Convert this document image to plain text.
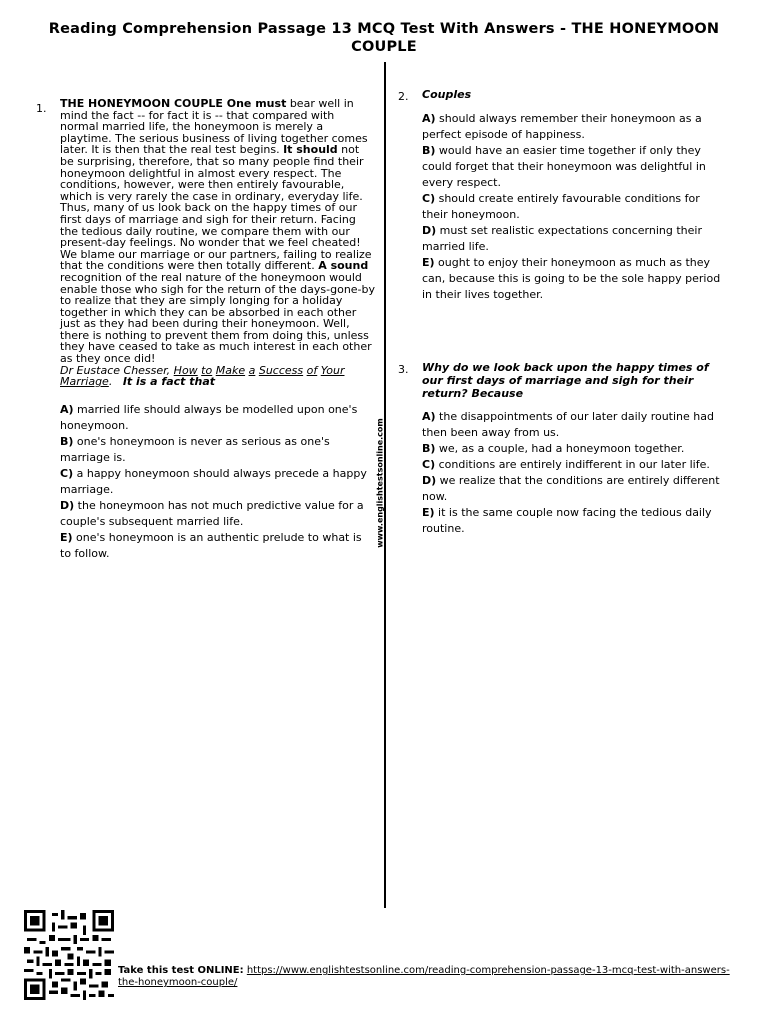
Reading Comprehension Passage 13 MCQ Test With Answers - THE HONEYMOON COUPLE
www.englishtestsonline.com
1. THE HONEYMOON COUPLE One must bear well in mind the fact -- for fact it is -- that compared with normal married life, the honeymoon is merely a playtime. The serious business of living together comes later. It is then that the real test begins. It should not be surprising, therefore, that so many people find their honeymoon delightful in almost every respect. The conditions, however, were then entirely favourable, which is very rarely the case in ordinary, everyday life. Thus, many of us look back on the happy times of our first days of marriage and sigh for their return. Facing the tedious daily routine, we compare them with our present-day feelings. No wonder that we feel cheated! We blame our marriage or our partners, failing to realize that the conditions were then totally different. A sound recognition of the real nature of the honeymoon would enable those who sigh for the return of the days-gone-by to realize that they are simply longing for a holiday together in which they can be absorbed in each other just as they had been during their honeymoon. Well, there is nothing to prevent them from doing this, unless they have ceased to take as much interest in each other as they once did!
Dr Eustace Chesser, How to Make a Success of Your Marriage.   It is a fact that

A) married life should always be modelled upon one's honeymoon.

B) one's honeymoon is never as serious as one's marriage is.

C) a happy honeymoon should always precede a happy marriage.

D) the honeymoon has not much predictive value for a couple's subsequent married life.

E) one's honeymoon is an authentic prelude to what is to follow.

2. Couples

A) should always remember their honeymoon as a perfect episode of happiness.

B) would have an easier time together if only they could forget that their honeymoon was delightful in every respect.

C) should create entirely favourable conditions for their honeymoon.

D) must set realistic expectations concerning their married life.

E) ought to enjoy their honeymoon as much as they can, because this is going to be the sole happy period in their lives together.

3. Why do we look back upon the happy times of our first days of marriage and sigh for their return? Because

A) the disappointments of our later daily routine had then been away from us.

B) we, as a couple, had a honeymoon together.

C) conditions are entirely indifferent in our later life.

D) we realize that the conditions are entirely different now.

E) it is the same couple now facing the tedious daily routine.

Take this test ONLINE: https://www.englishtestsonline.com/reading-comprehension-passage-13-mcq-test-with-answers-the-honeymoon-couple/
